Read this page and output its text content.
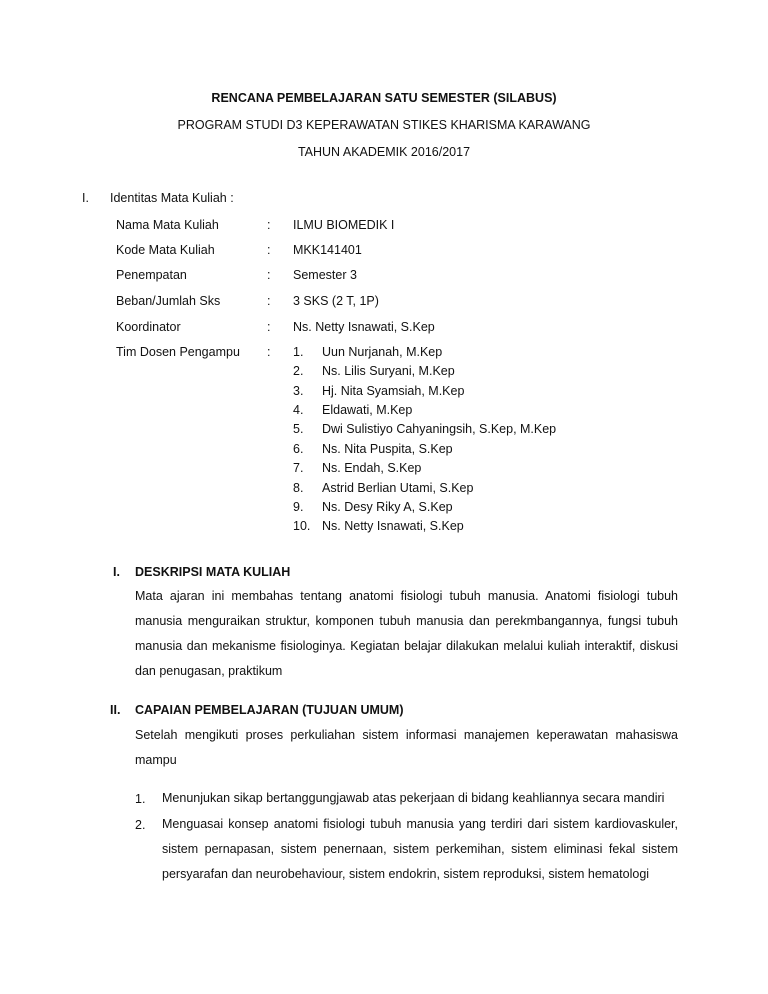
RENCANA PEMBELAJARAN SATU SEMESTER (SILABUS)
PROGRAM STUDI D3 KEPERAWATAN STIKES KHARISMA KARAWANG
TAHUN AKADEMIK 2016/2017
I. Identitas Mata Kuliah :
Nama Mata Kuliah	: ILMU BIOMEDIK I
Kode Mata Kuliah	: MKK141401
Penempatan	: Semester 3
Beban/Jumlah Sks	: 3 SKS (2 T, 1P)
Koordinator	: Ns. Netty Isnawati, S.Kep
Tim Dosen Pengampu : 1. Uun Nurjanah, M.Kep
2. Ns. Lilis Suryani, M.Kep
3. Hj. Nita Syamsiah, M.Kep
4. Eldawati, M.Kep
5. Dwi Sulistiyo Cahyaningsih, S.Kep, M.Kep
6. Ns. Nita Puspita, S.Kep
7. Ns. Endah, S.Kep
8. Astrid Berlian Utami, S.Kep
9. Ns. Desy Riky A, S.Kep
10. Ns. Netty Isnawati, S.Kep
I. DESKRIPSI MATA KULIAH
Mata ajaran ini membahas tentang anatomi fisiologi tubuh manusia. Anatomi fisiologi tubuh manusia menguraikan struktur, komponen tubuh manusia dan perekmbangannya, fungsi tubuh manusia dan mekanisme fisiologinya. Kegiatan belajar dilakukan melalui kuliah interaktif, diskusi dan penugasan, praktikum
II. CAPAIAN PEMBELAJARAN (TUJUAN UMUM)
Setelah mengikuti proses perkuliahan sistem informasi manajemen keperawatan mahasiswa mampu
1. Menunjukan sikap bertanggungjawab atas pekerjaan di bidang keahliannya secara mandiri
2. Menguasai konsep anatomi fisiologi tubuh manusia yang terdiri dari sistem kardiovaskuler, sistem pernapasan, sistem penernaan, sistem perkemihan, sistem eliminasi fekal sistem persyarafan dan neurobehaviour, sistem endokrin, sistem reproduksi, sistem hematologi
